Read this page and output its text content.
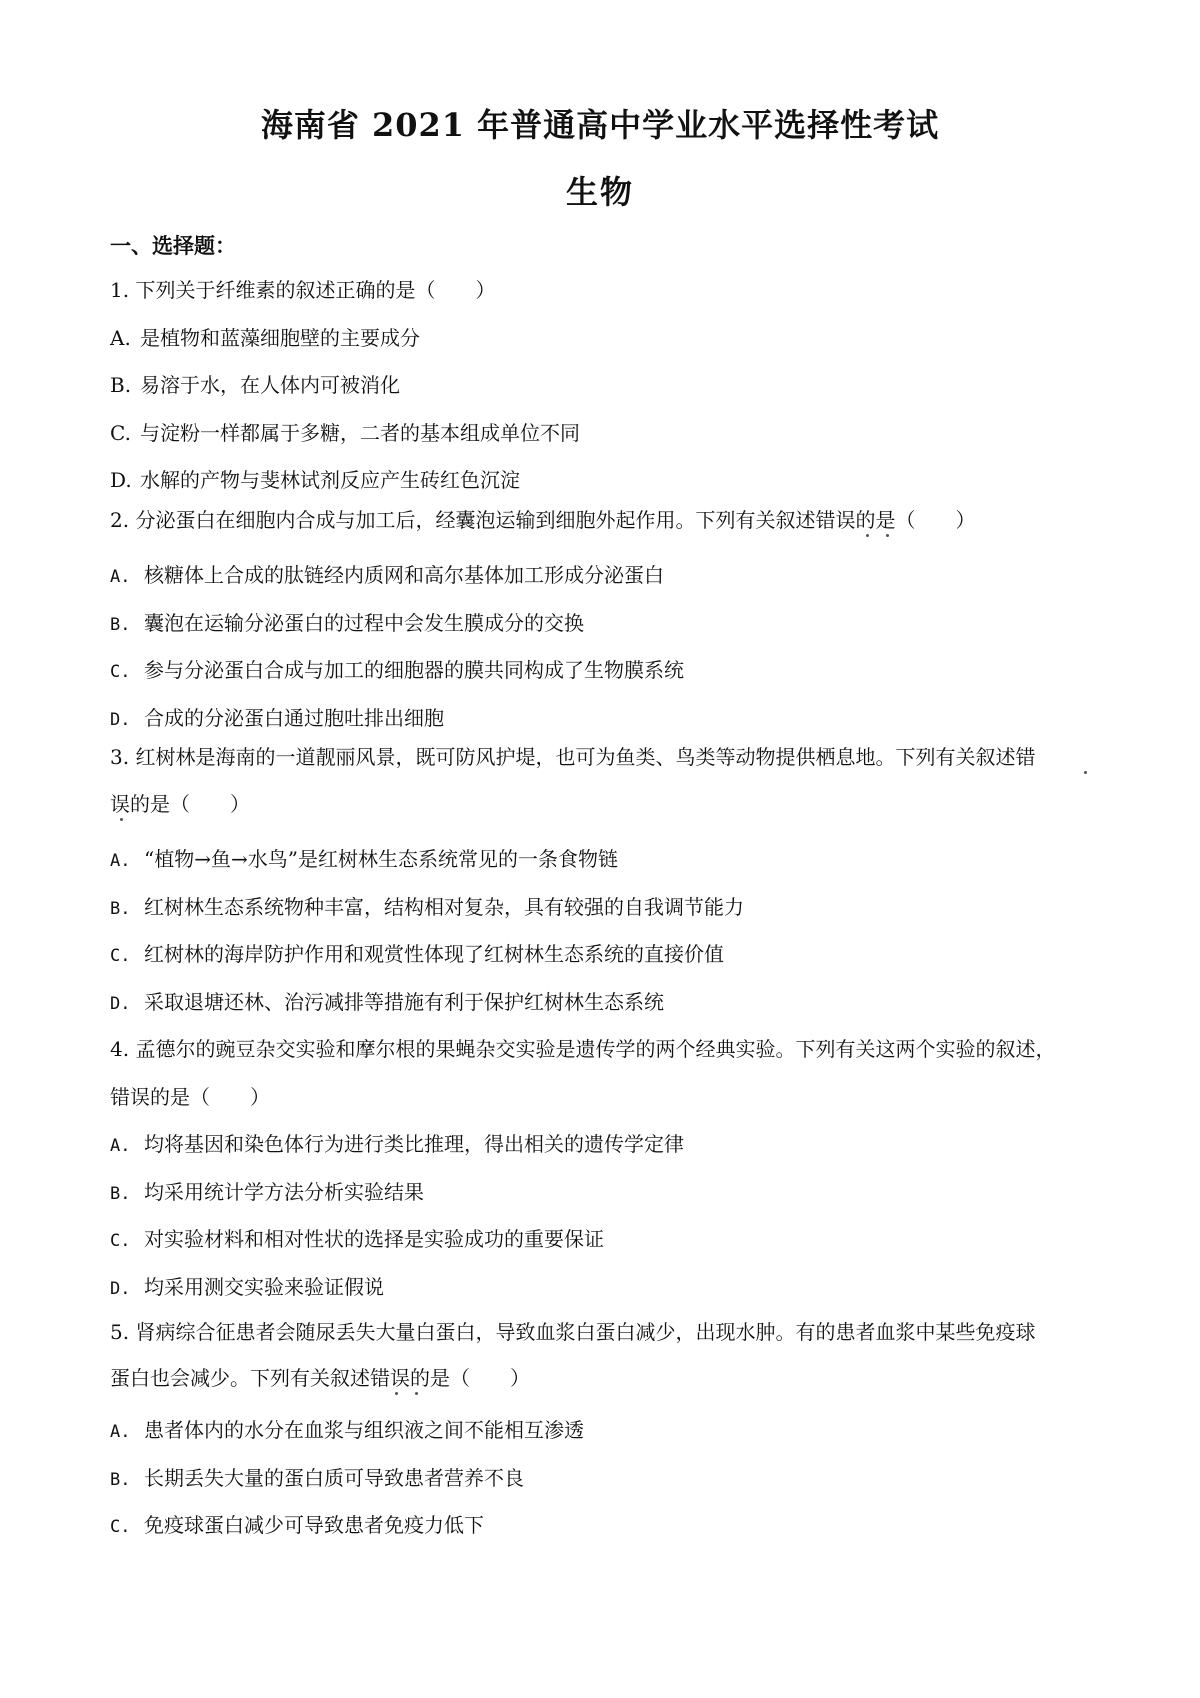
海南省 2021 年普通高中学业水平选择性考试
生物
一、选择题：
1. 下列关于纤维素的叙述正确的是（　　）
A. 是植物和蓝藻细胞壁的主要成分
B. 易溶于水，在人体内可被消化
C. 与淀粉一样都属于多糖，二者的基本组成单位不同
D. 水解的产物与斐林试剂反应产生砖红色沉淀
2. 分泌蛋白在细胞内合成与加工后，经囊泡运输到细胞外起作用。下列有关叙述错误的是（　　）
A. 核糖体上合成的肽链经内质网和高尔基体加工形成分泌蛋白
B. 囊泡在运输分泌蛋白的过程中会发生膜成分的交换
C. 参与分泌蛋白合成与加工的细胞器的膜共同构成了生物膜系统
D. 合成的分泌蛋白通过胞吐排出细胞
3. 红树林是海南的一道靓丽风景，既可防风护堤，也可为鱼类、鸟类等动物提供栖息地。下列有关叙述错
误的是（　　）
A. “植物→鱼→水鸟”是红树林生态系统常见的一条食物链
B. 红树林生态系统物种丰富，结构相对复杂，具有较强的自我调节能力
C. 红树林的海岸防护作用和观赏性体现了红树林生态系统的直接价值
D. 采取退塘还林、治污减排等措施有利于保护红树林生态系统
4. 孟德尔的豌豆杂交实验和摩尔根的果蝇杂交实验是遗传学的两个经典实验。下列有关这两个实验的叙述，
错误的是（　　）
A. 均将基因和染色体行为进行类比推理，得出相关的遗传学定律
B. 均采用统计学方法分析实验结果
C. 对实验材料和相对性状的选择是实验成功的重要保证
D. 均采用测交实验来验证假说
5. 肾病综合征患者会随尿丢失大量白蛋白，导致血浆白蛋白减少，出现水肿。有的患者血浆中某些免疫球
蛋白也会减少。下列有关叙述错误的是（　　）
A. 患者体内的水分在血浆与组织液之间不能相互渗透
B. 长期丢失大量的蛋白质可导致患者营养不良
C. 免疫球蛋白减少可导致患者免疫力低下
